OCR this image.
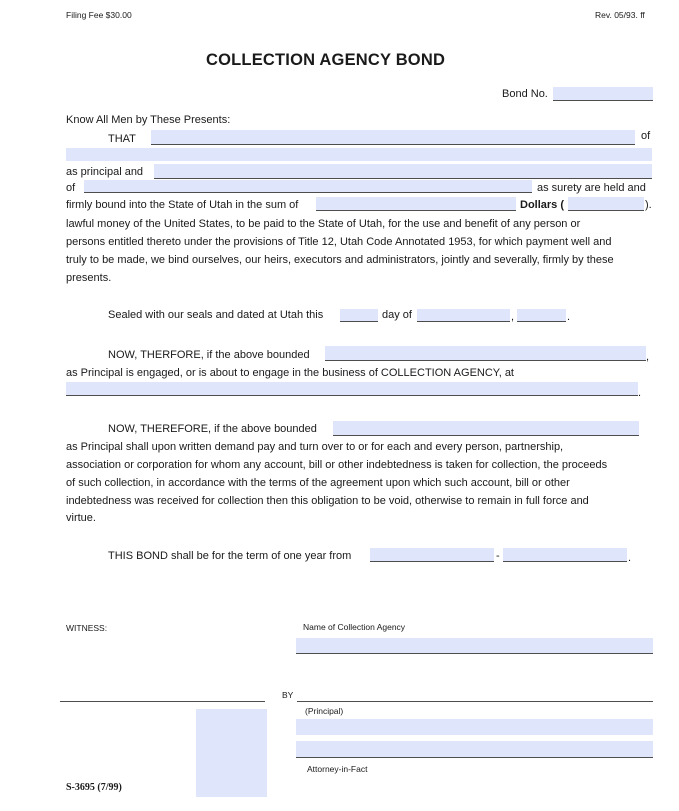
Filing Fee $30.00	Rev. 05/93. ff
COLLECTION AGENCY BOND
Bond No.
Know All Men by These Presents:
THAT	of
as principal and
of	as surety are held and
firmly bound into the State of Utah in the sum of	Dollars (	).
lawful money of the United States, to be paid to the State of Utah, for the use and benefit of any person or
persons entitled thereto under the provisions of Title 12, Utah Code Annotated 1953, for which payment well and
truly to be made, we bind ourselves, our heirs, executors and administrators, jointly and severally, firmly by these
presents.
Sealed with our seals and dated at Utah this	day of	,	.
NOW, THERFORE, if the above bounded	,
as Principal is engaged, or is about to engage in the business of COLLECTION AGENCY, at
.
NOW, THEREFORE, if the above bounded
as Principal shall upon written demand pay and turn over to or for each and every person, partnership,
association or corporation for whom any account, bill or other indebtedness is taken for collection, the proceeds
of such collection, in accordance with the terms of the agreement upon which such account, bill or other
indebtedness was received for collection then this obligation to be void, otherwise to remain in full force and
virtue.
THIS BOND shall be for the term of one year from	-	.
WITNESS:	Name of Collection Agency
BY
(Principal)
Attorney-in-Fact
S-3695 (7/99)
